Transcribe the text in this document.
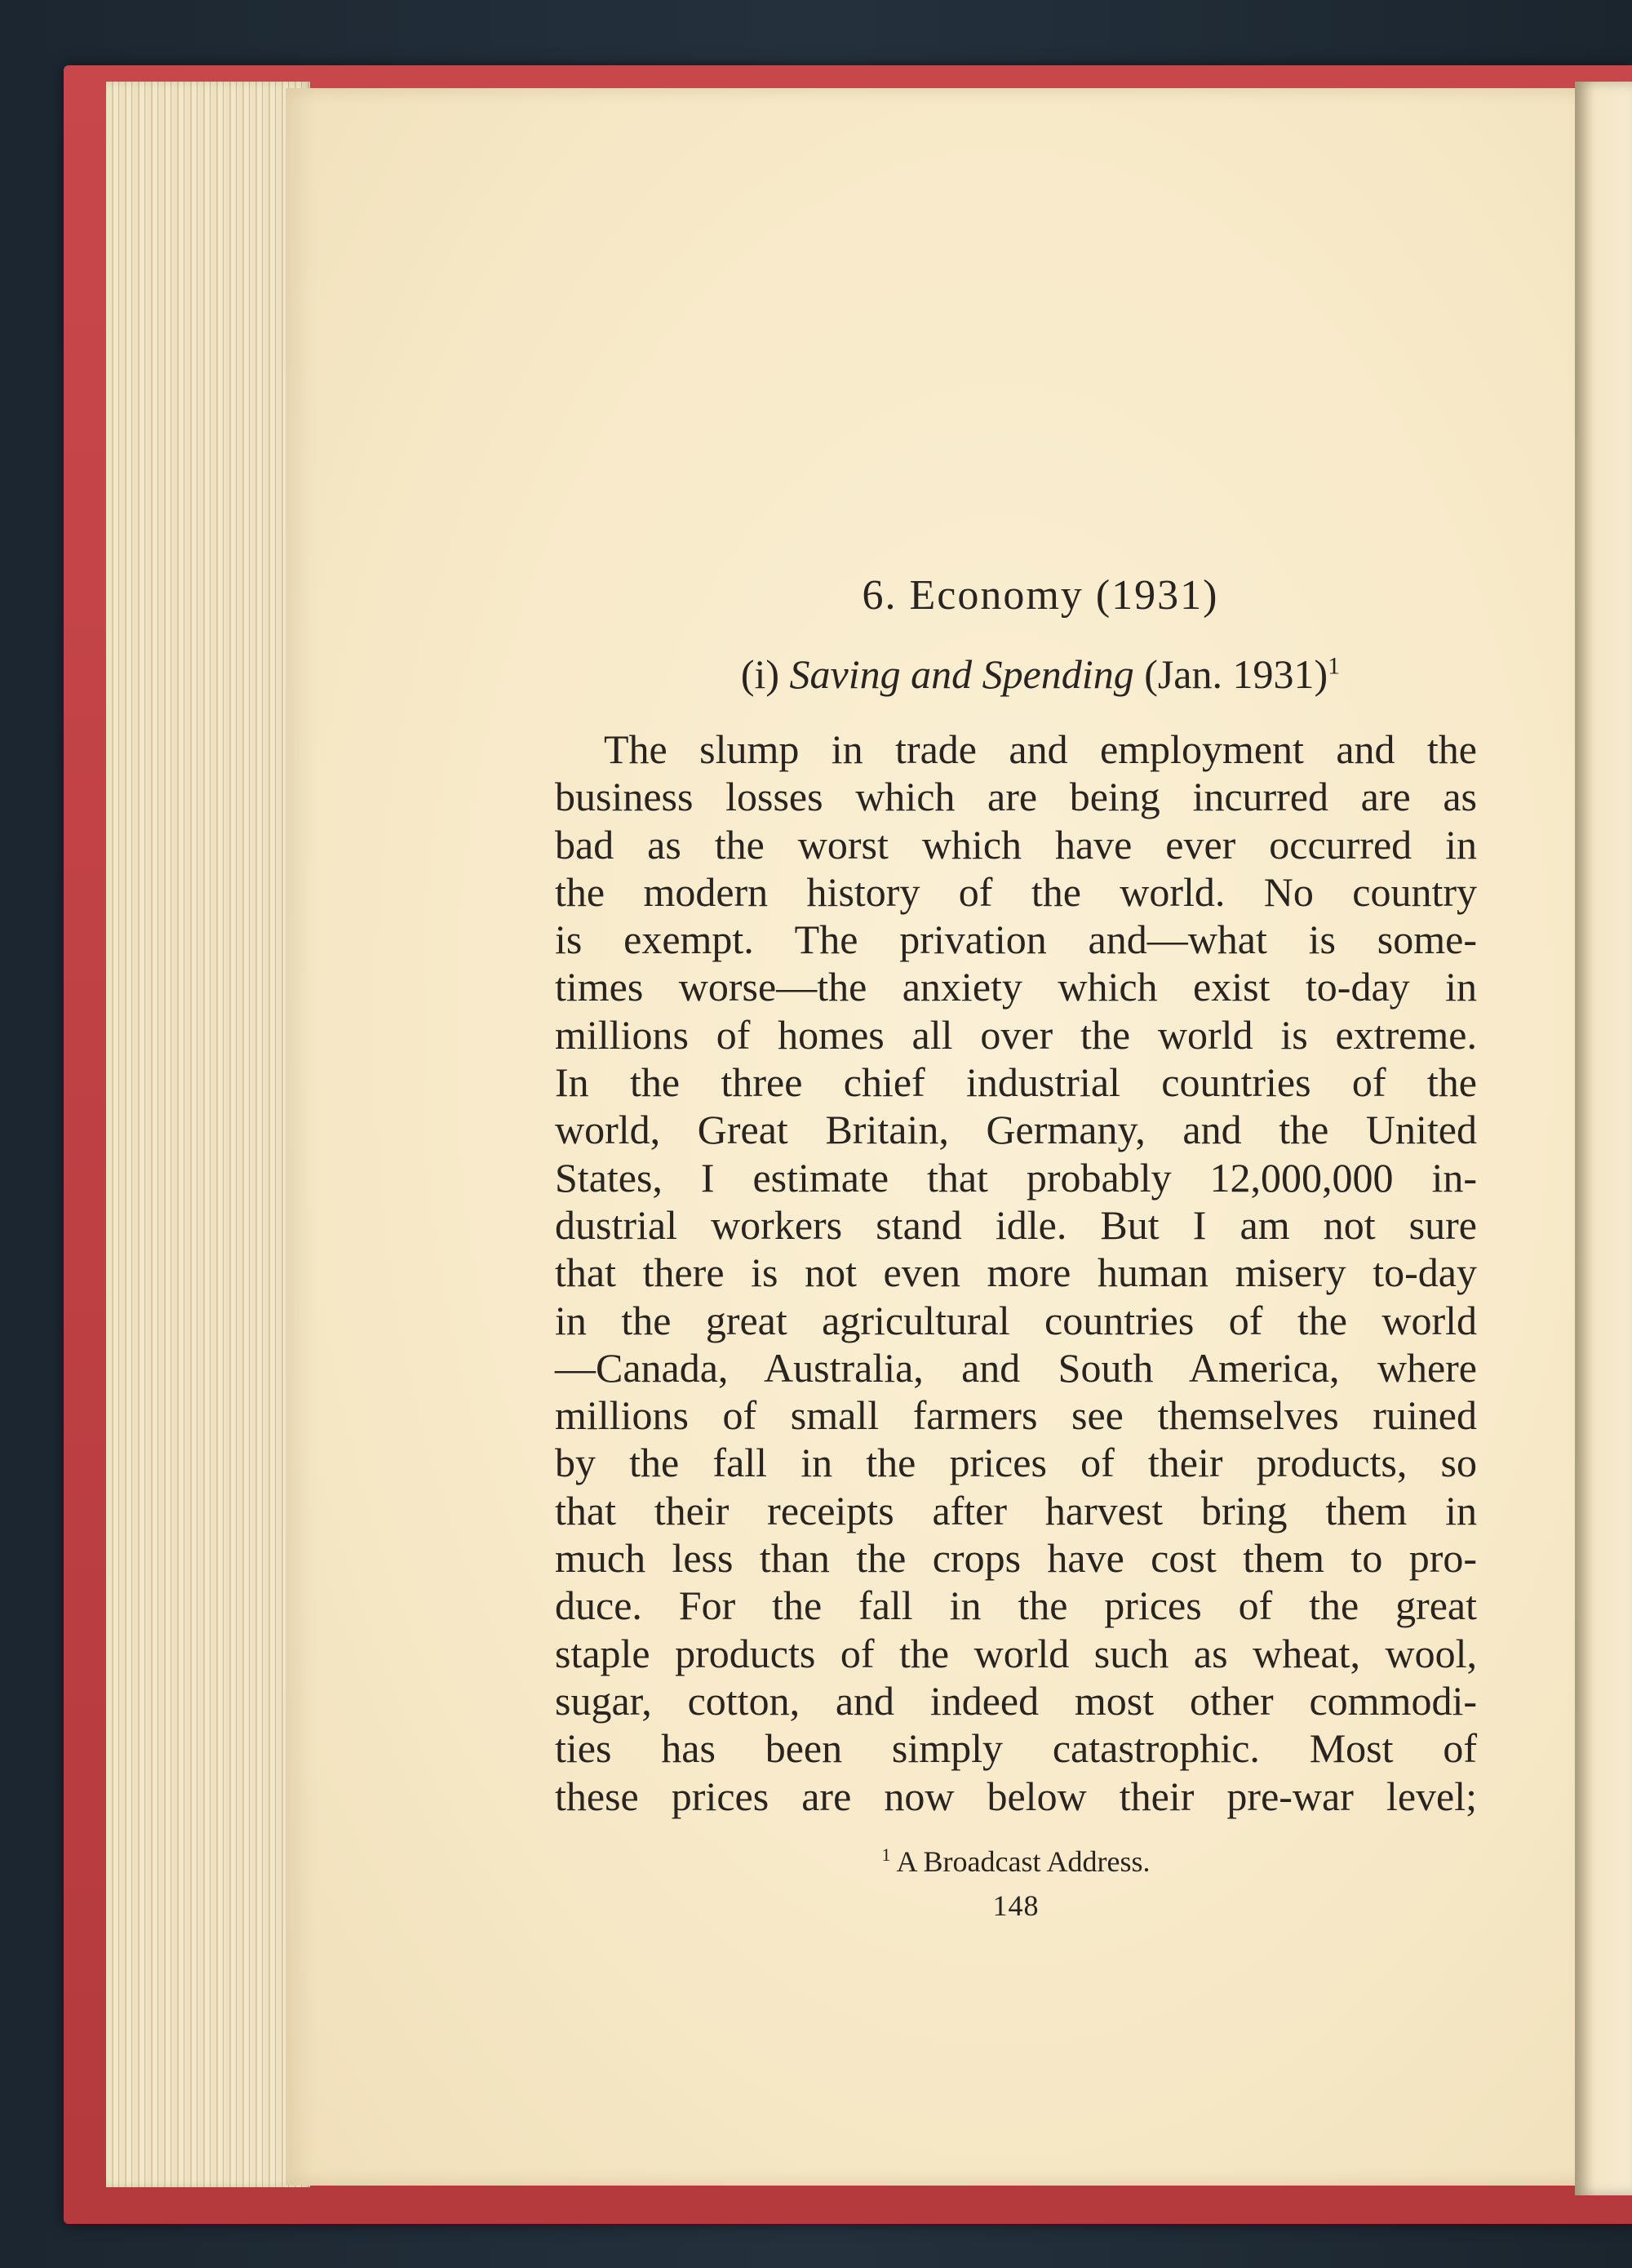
6. Economy (1931)
(i) Saving and Spending (Jan. 1931)$^1$
The slump in trade and employment and the
business losses which are being incurred are as
bad as the worst which have ever occurred in
the modern history of the world. No country
is exempt. The privation and—what is some-
times worse—the anxiety which exist to-day in
millions of homes all over the world is extreme.
In the three chief industrial countries of the
world, Great Britain, Germany, and the United
States, I estimate that probably 12,000,000 in-
dustrial workers stand idle. But I am not sure
that there is not even more human misery to-day
in the great agricultural countries of the world
—Canada, Australia, and South America, where
millions of small farmers see themselves ruined
by the fall in the prices of their products, so
that their receipts after harvest bring them in
much less than the crops have cost them to pro-
duce. For the fall in the prices of the great
staple products of the world such as wheat, wool,
sugar, cotton, and indeed most other commodi-
ties has been simply catastrophic. Most of
these prices are now below their pre-war level;
$^1$ A Broadcast Address.
148
